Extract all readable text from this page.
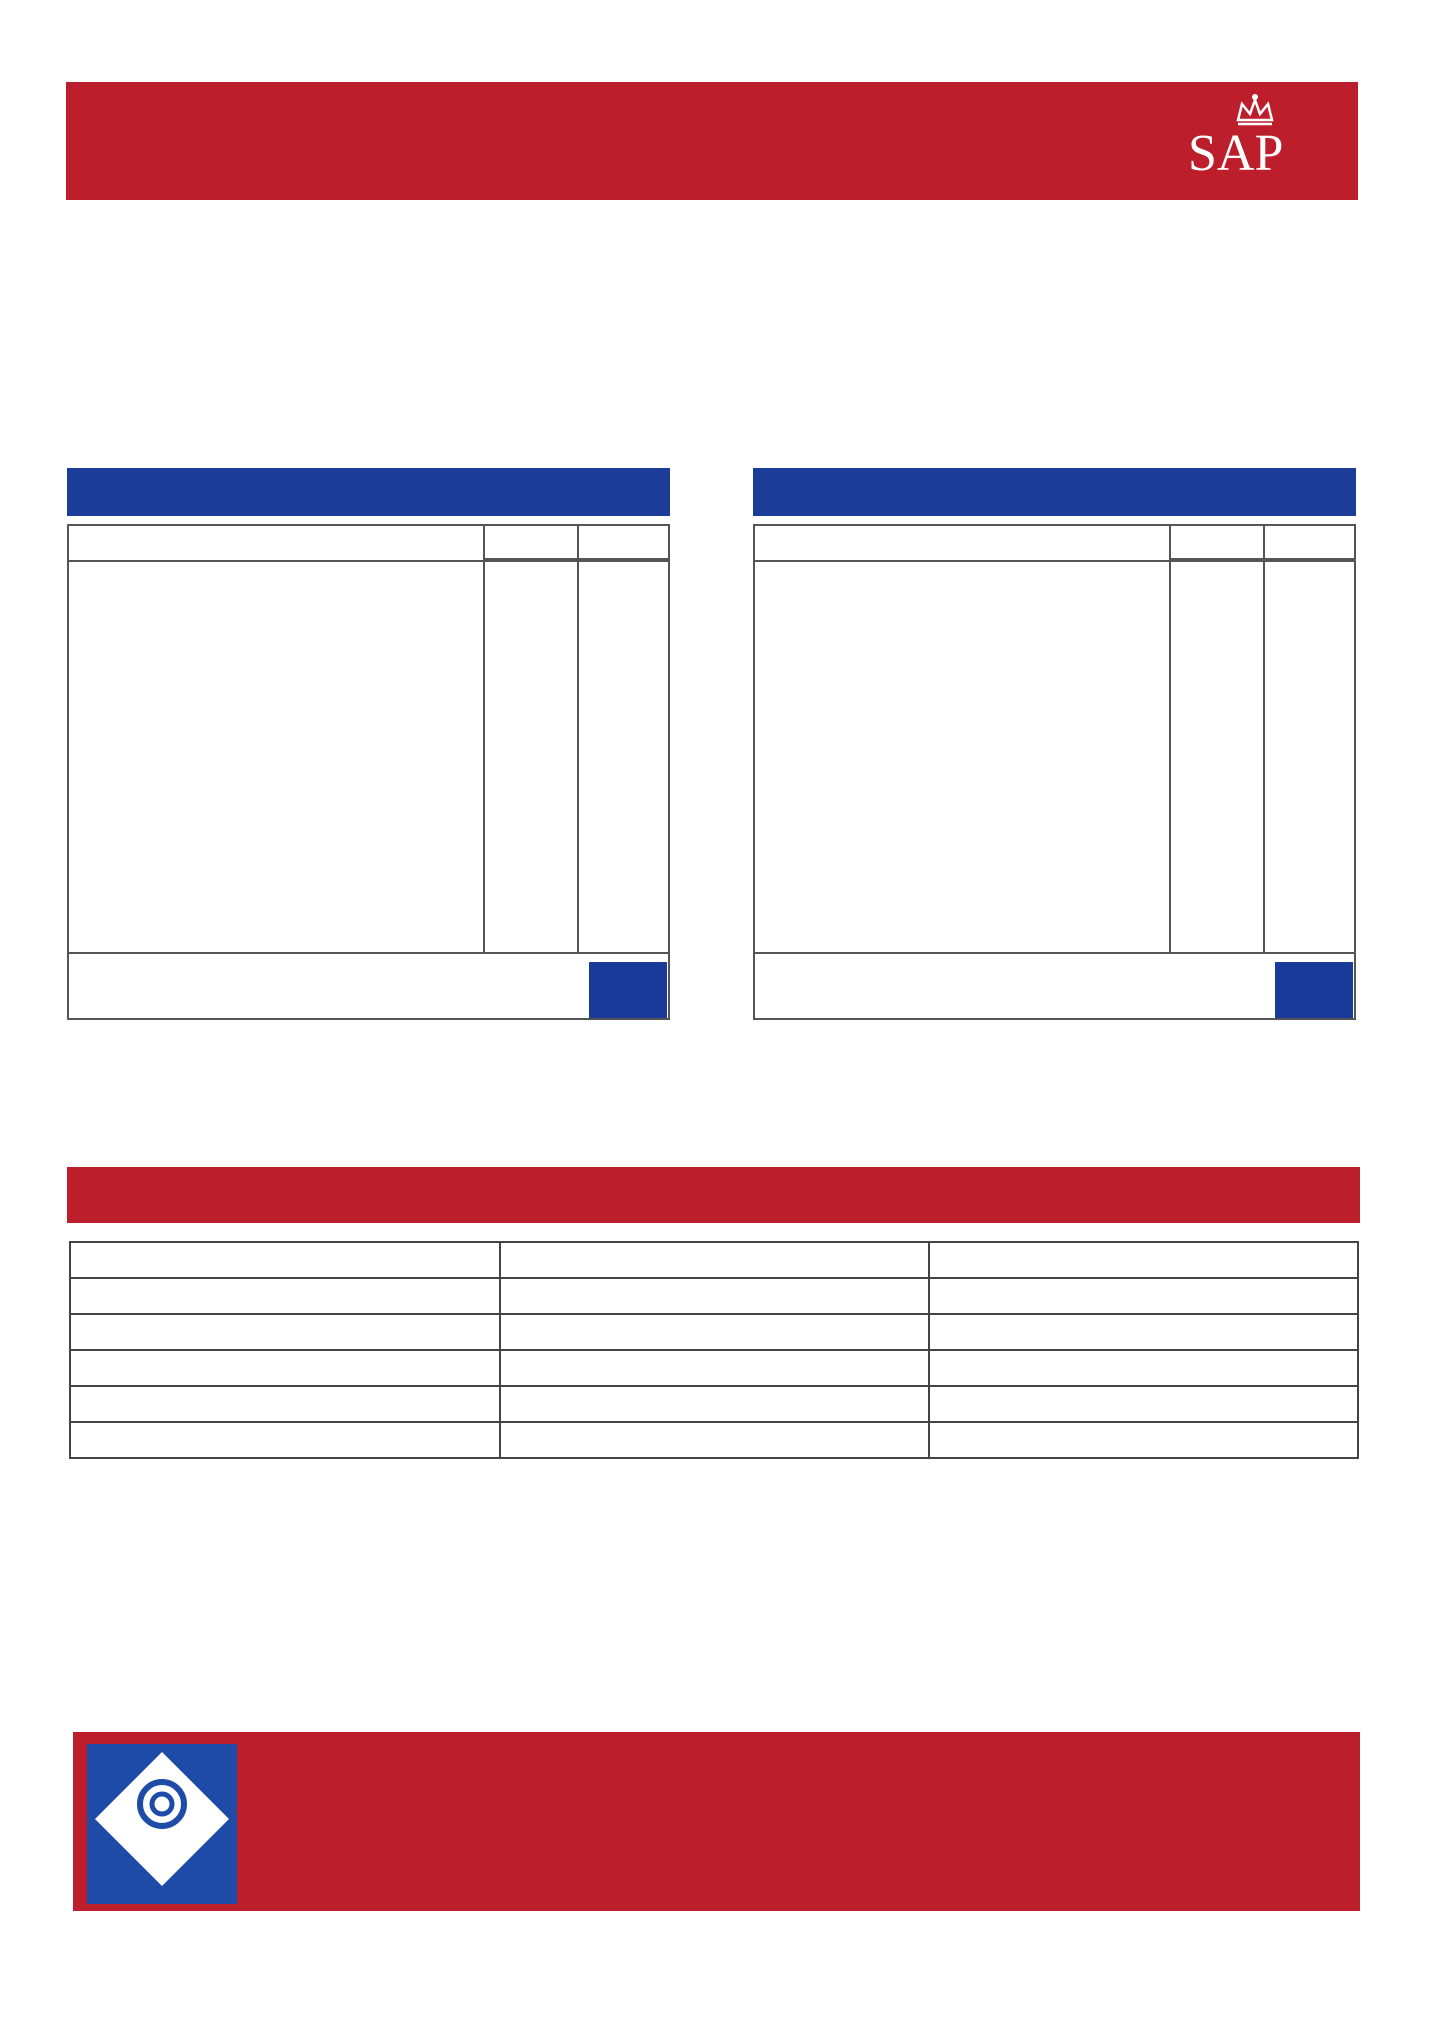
SAP
